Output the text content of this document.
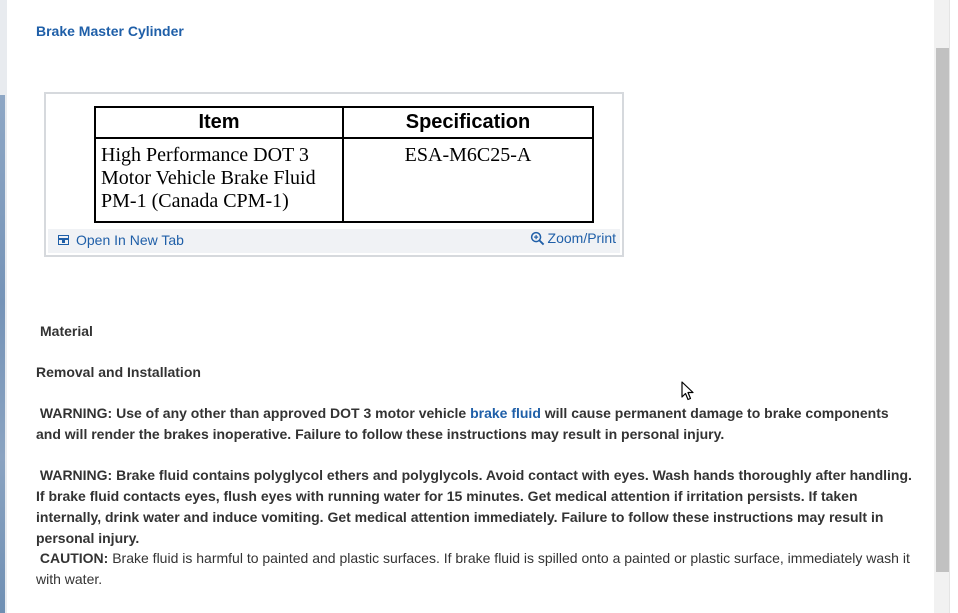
Brake Master Cylinder
Item	Specification

High Performance DOT 3
Motor Vehicle Brake Fluid
PM-1 (Canada CPM-1)	ESA-M6C25-A
Open In New Tab	Zoom/Print
Material
Removal and Installation
WARNING: Use of any other than approved DOT 3 motor vehicle brake fluid will cause permanent damage to brake components and will render the brakes inoperative. Failure to follow these instructions may result in personal injury.
WARNING: Brake fluid contains polyglycol ethers and polyglycols. Avoid contact with eyes. Wash hands thoroughly after handling. If brake fluid contacts eyes, flush eyes with running water for 15 minutes. Get medical attention if irritation persists. If taken internally, drink water and induce vomiting. Get medical attention immediately. Failure to follow these instructions may result in personal injury.
CAUTION: Brake fluid is harmful to painted and plastic surfaces. If brake fluid is spilled onto a painted or plastic surface, immediately wash it with water.
